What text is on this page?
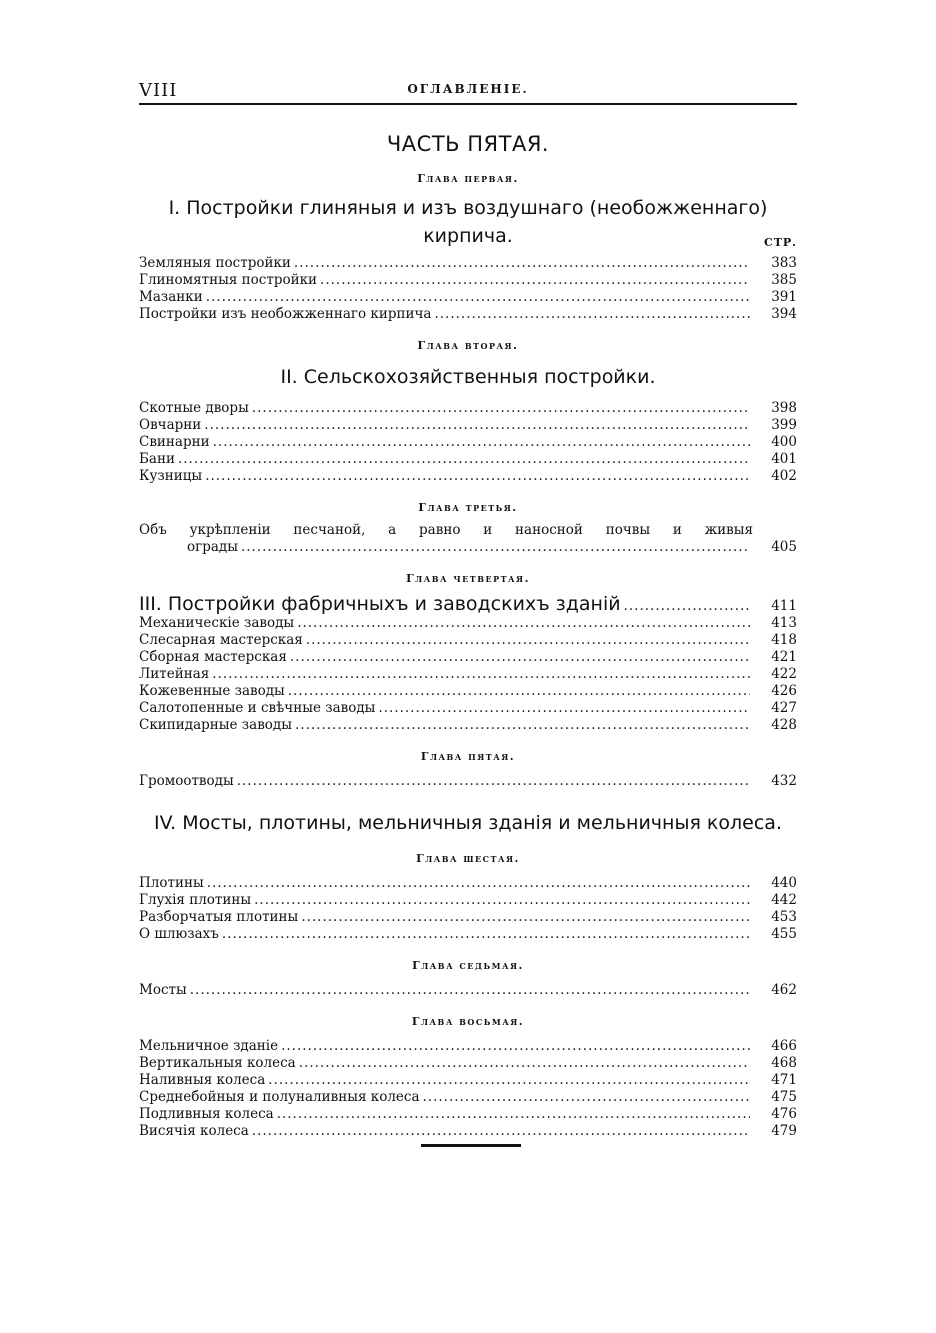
VIII	ОГЛАВЛЕНIЕ.
ЧАСТЬ ПЯТАЯ.
Глава первая.
I. Постройки глиняныя и изъ воздушнаго (необожженнаго)
кирпича.	СТР.
Земляныя постройки .....	383
Глиномятныя постройки .....	385
Мазанки .....	391
Постройки изъ необожженнаго кирпича .....	394
Глава вторая.
II. Сельскохозяйственныя постройки.
Скотные дворы .....	398
Овчарни .....	399
Свинарни .....	400
Бани .....	401
Кузницы .....	402
Глава третья.
Объ укрѣпленiи песчаной, а равно и наносной почвы и живыя
ограды .....	405
Глава четвертая.
III. Постройки фабричныхъ и заводскихъ зданiй .....	411
Механическiе заводы .....	413
Слесарная мастерская .....	418
Сборная мастерская .....	421
Литейная .....	422
Кожевенные заводы .....	426
Салотопенные и свѣчные заводы .....	427
Скипидарные заводы .....	428
Глава пятая.
Громоотводы .....	432
IV. Мосты, плотины, мельничныя зданiя и мельничныя колеса.
Глава шестая.
Плотины .....	440
Глухiя плотины .....	442
Разборчатыя плотины .....	453
О шлюзахъ .....	455
Глава седьмая.
Мосты .....	462
Глава восьмая.
Мельничное зданiе .....	466
Вертикальныя колеса .....	468
Наливныя колеса .....	471
Среднебойныя и полуналивныя колеса .....	475
Подливныя колеса .....	476
Висячiя колеса .....	479
